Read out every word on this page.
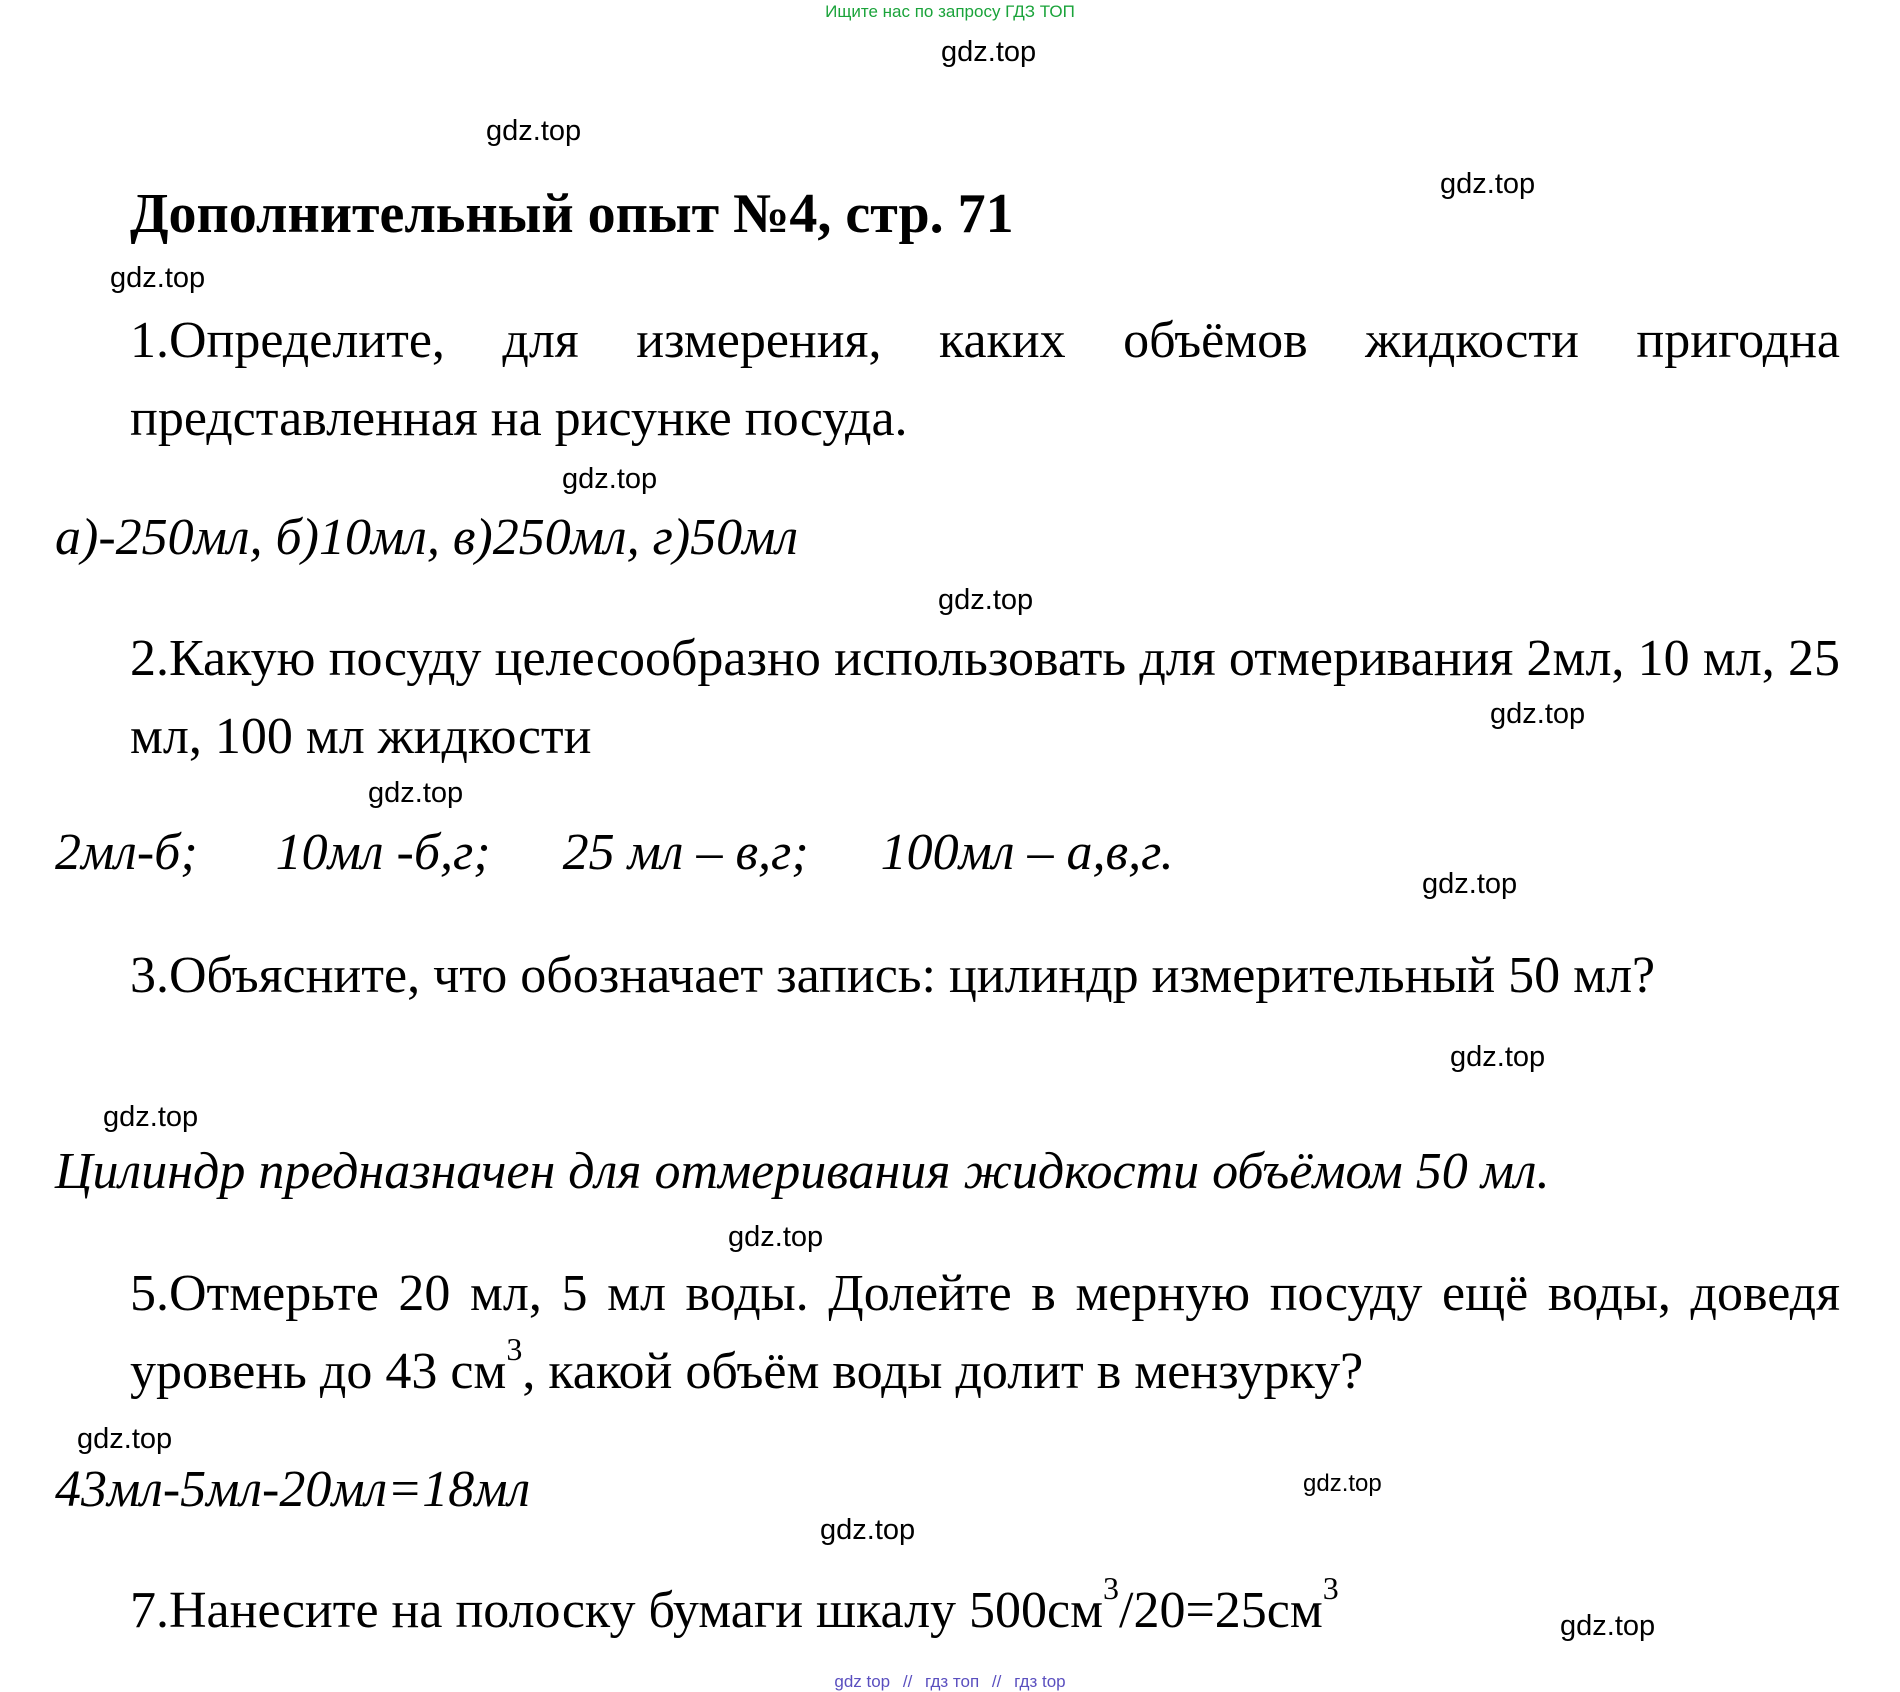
Ищите нас по запросу ГДЗ ТОП
gdz.top
gdz.top
gdz.top
gdz.top
gdz.top
gdz.top
gdz.top
gdz.top
gdz.top
gdz.top
gdz.top
gdz.top
gdz.top
gdz.top
gdz.top
gdz.top
Дополнительный опыт №4, стр. 71
1.Определите, для измерения, каких объёмов жидкости пригодна представленная на рисунке посуда.
а)-250мл, б)10мл, в)250мл, г)50мл
2.Какую посуду целесообразно использовать для отмеривания 2мл, 10 мл, 25 мл, 100 мл жидкости
2мл-б; 10мл -б,г; 25 мл – в,г; 100мл – а,в,г.
3.Объясните, что обозначает запись: цилиндр измерительный 50 мл?
Цилиндр предназначен для отмеривания жидкости объёмом 50 мл.
5.Отмерьте 20 мл, 5 мл воды. Долейте в мерную посуду ещё воды, доведя уровень до 43 $см^3$, какой объём воды долит в мензурку?
43мл-5мл-20мл=18мл
7.Нанесите на полоску бумаги шкалу $500см^3/20=25см^3$
gdz top // гдз топ // гдз top
